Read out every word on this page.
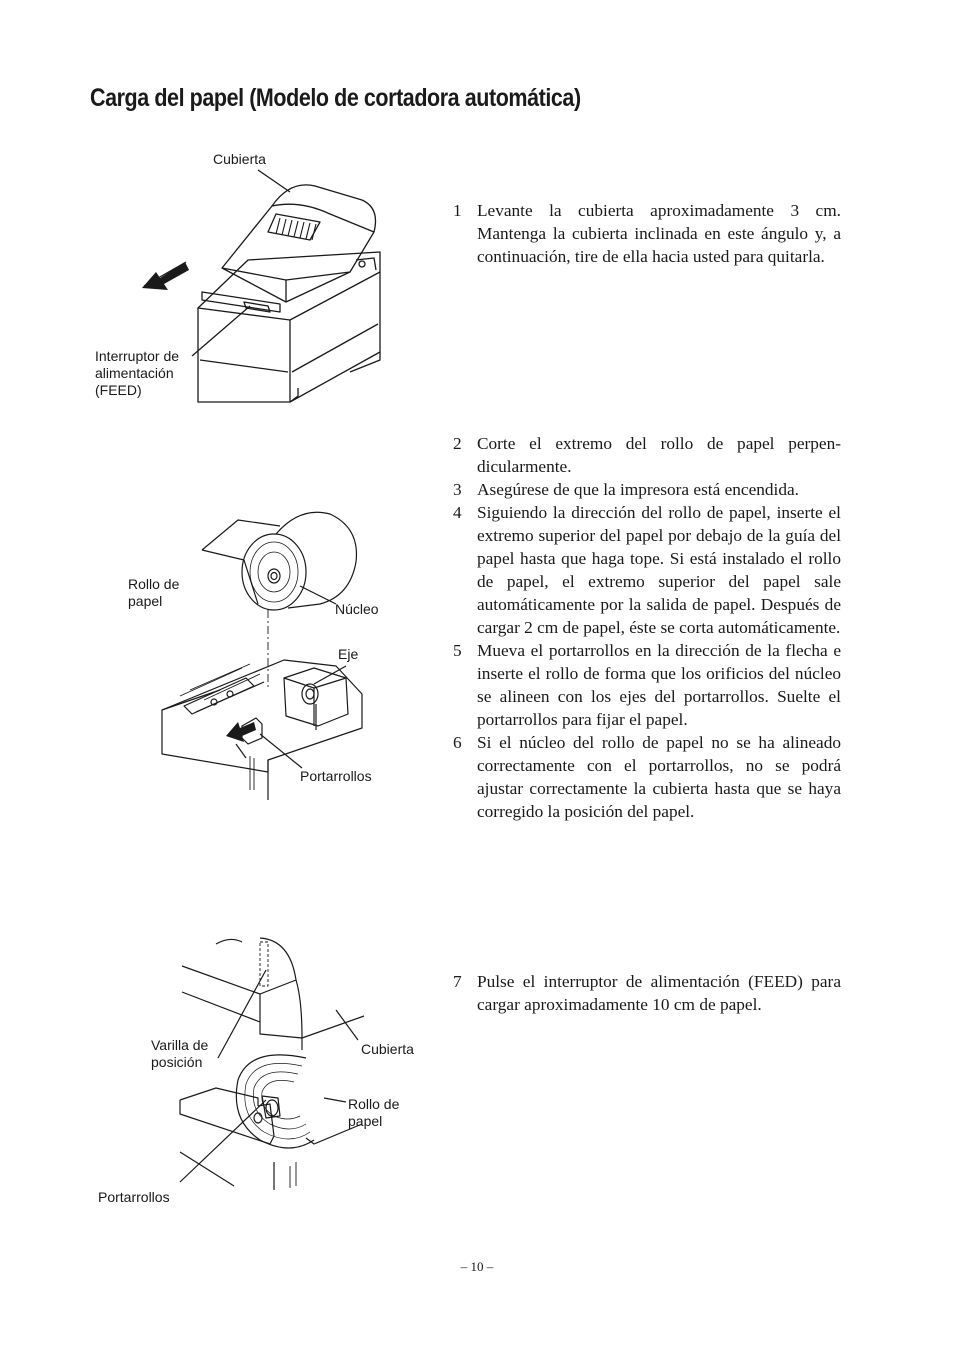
Carga del papel (Modelo de cortadora automática)
Cubierta
Interruptor de
alimentación
(FEED)
Rollo de
papel	Núcleo
Eje
Portarrollos
Varilla de
posición
Cubierta
Rollo de
papel
Portarrollos
1 Levante la cubierta aproximadamente 3 cm. Mantenga la cubierta inclinada en este ángulo y, a continuación, tire de ella hacia usted para quitarla.
2 Corte el extremo del rollo de papel perpen-dicularmente.
3 Asegúrese de que la impresora está encendida.
4 Siguiendo la dirección del rollo de papel, inserte el extremo superior del papel por debajo de la guía del papel hasta que haga tope. Si está instalado el rollo de papel, el extremo superior del papel sale automáticamente por la salida de papel. Después de cargar 2 cm de papel, éste se corta automáticamente.
5 Mueva el portarrollos en la dirección de la flecha e inserte el rollo de forma que los orificios del núcleo se alineen con los ejes del portarrollos. Suelte el portarrollos para fijar el papel.
6 Si el núcleo del rollo de papel no se ha alineado correctamente con el portarrollos, no se podrá ajustar correctamente la cubierta hasta que se haya corregido la posición del papel.
7 Pulse el interruptor de alimentación (FEED) para cargar aproximadamente 10 cm de papel.
– 10 –
